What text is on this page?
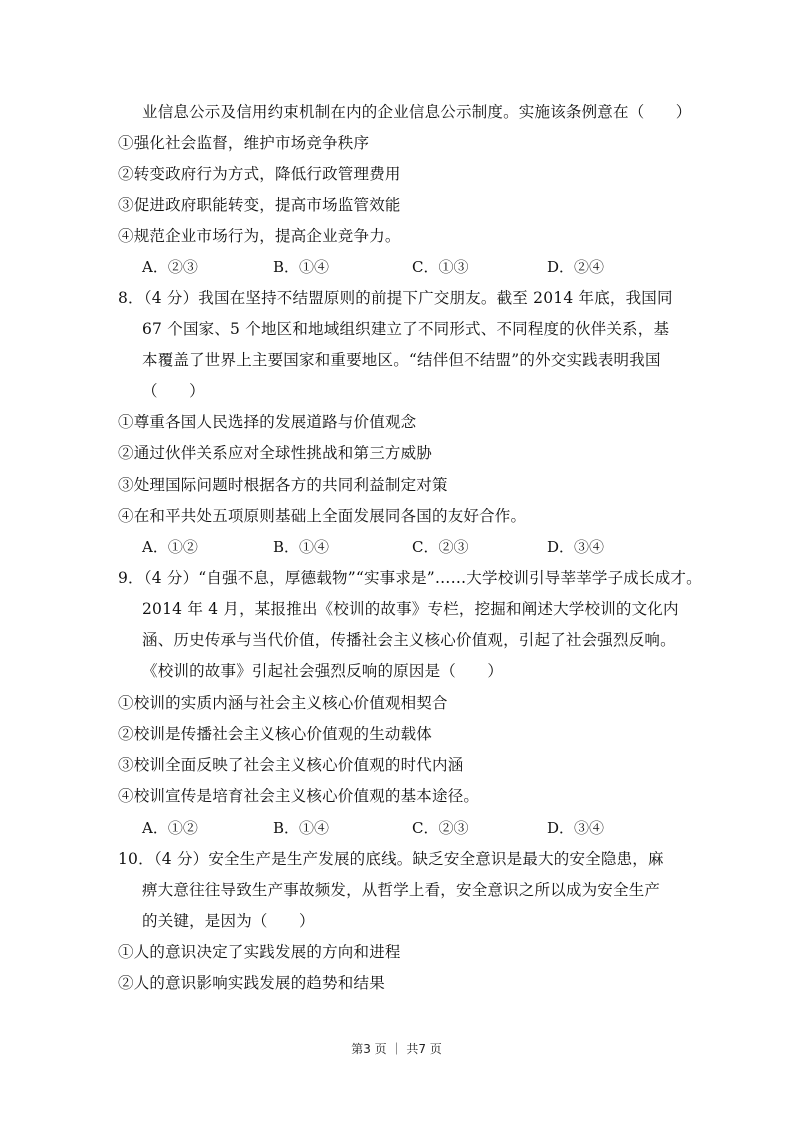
业信息公示及信用约束机制在内的企业信息公示制度。实施该条例意在（　　）
①强化社会监督，维护市场竞争秩序
②转变政府行为方式，降低行政管理费用
③促进政府职能转变，提高市场监管效能
④规范企业市场行为，提高企业竞争力。
A．②③	B．①④	C．①③	D．②④
8．（4 分）我国在坚持不结盟原则的前提下广交朋友。截至 2014 年底，我国同
67 个国家、5 个地区和地域组织建立了不同形式、不同程度的伙伴关系，基
本覆盖了世界上主要国家和重要地区。“结伴但不结盟”的外交实践表明我国
（　　）
①尊重各国人民选择的发展道路与价值观念
②通过伙伴关系应对全球性挑战和第三方威胁
③处理国际问题时根据各方的共同利益制定对策
④在和平共处五项原则基础上全面发展同各国的友好合作。
A．①②	B．①④	C．②③	D．③④
9．（4 分）“自强不息，厚德载物”“实事求是”……大学校训引导莘莘学子成长成才。
2014 年 4 月，某报推出《校训的故事》专栏，挖掘和阐述大学校训的文化内
涵、历史传承与当代价值，传播社会主义核心价值观，引起了社会强烈反响。
《校训的故事》引起社会强烈反响的原因是（　　）
①校训的实质内涵与社会主义核心价值观相契合
②校训是传播社会主义核心价值观的生动载体
③校训全面反映了社会主义核心价值观的时代内涵
④校训宣传是培育社会主义核心价值观的基本途径。
A．①②	B．①④	C．②③	D．③④
10．（4 分）安全生产是生产发展的底线。缺乏安全意识是最大的安全隐患，麻
痹大意往往导致生产事故频发，从哲学上看，安全意识之所以成为安全生产
的关键，是因为（　　）
①人的意识决定了实践发展的方向和进程
②人的意识影响实践发展的趋势和结果
第3 页 ｜ 共7 页
